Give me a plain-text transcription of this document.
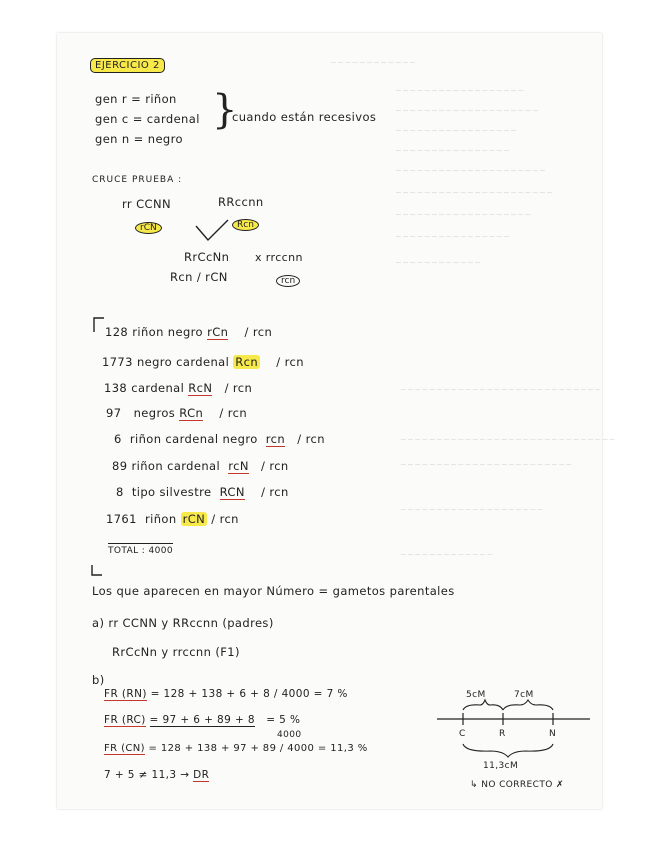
~~~~~~~~~~~~
~~~~~~~~~~~~~~~~~~
~~~~~~~~~~~~~~~~~~~~
~~~~~~~~~~~~~~~~~
~~~~~~~~~~~~~~~~
~~~~~~~~~~~~~~~~~~~~~
~~~~~~~~~~~~~~~~~~~~~~
~~~~~~~~~~~~~~~~~~~
~~~~~~~~~~~~~~~~
~~~~~~~~~~~~
~~~~~~~~~~~~~~~~~~~~~~~~~~~~
~~~~~~~~~~~~~~~~~~~~~~~~~~~~~~
~~~~~~~~~~~~~~~~~~~~~~~~
~~~~~~~~~~~~~~~~~~~~
~~~~~~~~~~~~~
EJERCICIO 2
gen r = riñon
gen c = cardenal
gen n = negro
}
cuando están recesivos
CRUCE PRUEBA :
rr CCNN	RRccnn
rCN	Rcn
RrCcNn x rrccnn
Rcn / rCN	rcn
128 riñon negro rCn / rcn
1773 negro cardenal Rcn / rcn
138 cardenal RcN / rcn
97 negros RCn / rcn
6 riñon cardenal negro rcn / rcn
89 riñon cardenal rcN / rcn
8 tipo silvestre RCN / rcn
1761 riñon rCN / rcn
TOTAL : 4000
Los que aparecen en mayor Número = gametos parentales
a) rr CCNN y RRccnn (padres)
RrCcNn y rrccnn (F1)
b)
FR (RN) = 128 + 138 + 6 + 8 / 4000 = 7 %
FR (RC) = 97 + 6 + 89 + 8 = 5 %
4000
FR (CN) = 128 + 138 + 97 + 89 / 4000 = 11,3 %
7 + 5 ≠ 11,3 → DR
5cM	7cM
C	R	N
11,3cM
↳ NO CORRECTO ✗
